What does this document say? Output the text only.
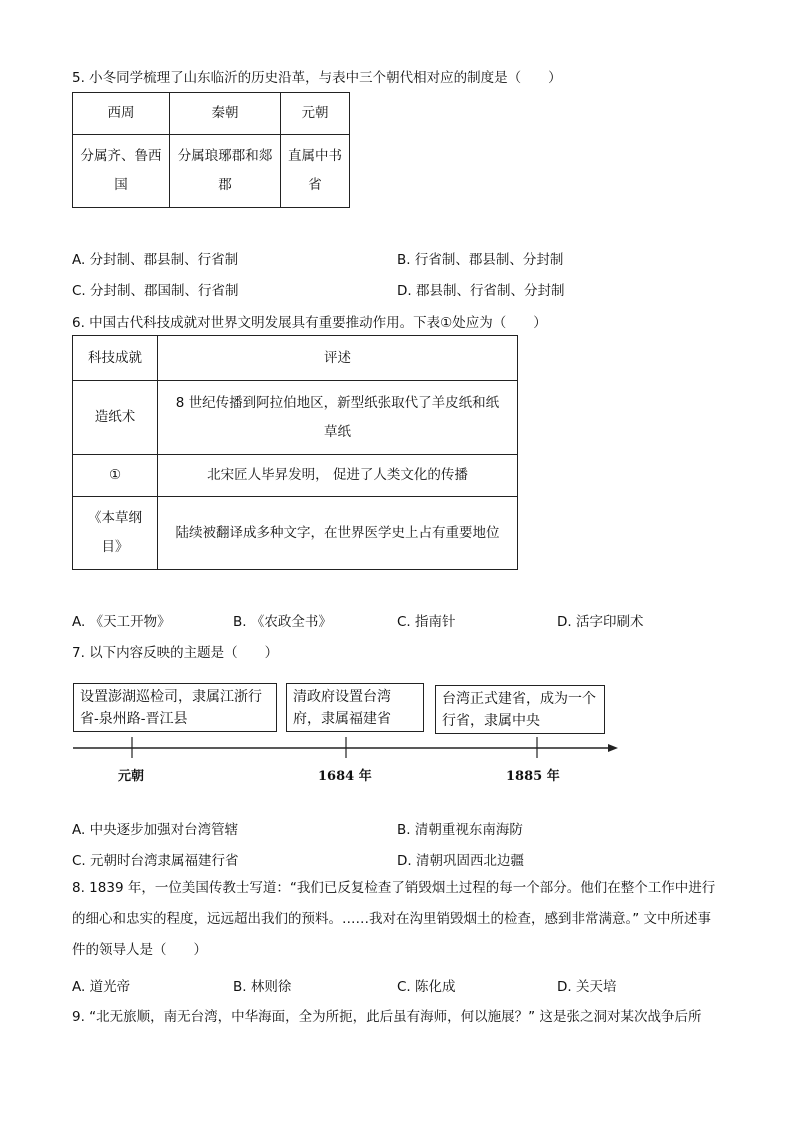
5. 小冬同学梳理了山东临沂的历史沿革，与表中三个朝代相对应的制度是（　　）
西周	秦朝	元朝
分属齐、鲁西国	分属琅琊郡和郯郡	直属中书省
A. 分封制、郡县制、行省制	B. 行省制、郡县制、分封制
C. 分封制、郡国制、行省制	D. 郡县制、行省制、分封制
6. 中国古代科技成就对世界文明发展具有重要推动作用。下表①处应为（　　）
科技成就	评述
造纸术	8 世纪传播到阿拉伯地区，新型纸张取代了羊皮纸和纸草纸
①	北宋匠人毕昇发明， 促进了人类文化的传播
《本草纲目》	陆续被翻译成多种文字，在世界医学史上占有重要地位
A. 《天工开物》	B. 《农政全书》	C. 指南针	D. 活字印刷术
7. 以下内容反映的主题是（　　）
设置澎湖巡检司，隶属江浙行省-泉州路-晋江县
清政府设置台湾府，隶属福建省
台湾正式建省，成为一个行省，隶属中央
元朝	1684 年	1885 年
A. 中央逐步加强对台湾管辖	B. 清朝重视东南海防
C. 元朝时台湾隶属福建行省	D. 清朝巩固西北边疆
8. 1839 年，一位美国传教士写道：“我们已反复检查了销毁烟土过程的每一个部分。他们在整个工作中进行的细心和忠实的程度，远远超出我们的预料。……我对在沟里销毁烟土的检查，感到非常满意。” 文中所述事件的领导人是（　　）
A. 道光帝	B. 林则徐	C. 陈化成	D. 关天培
9. “北无旅顺，南无台湾，中华海面，全为所扼，此后虽有海师，何以施展？” 这是张之洞对某次战争后所
